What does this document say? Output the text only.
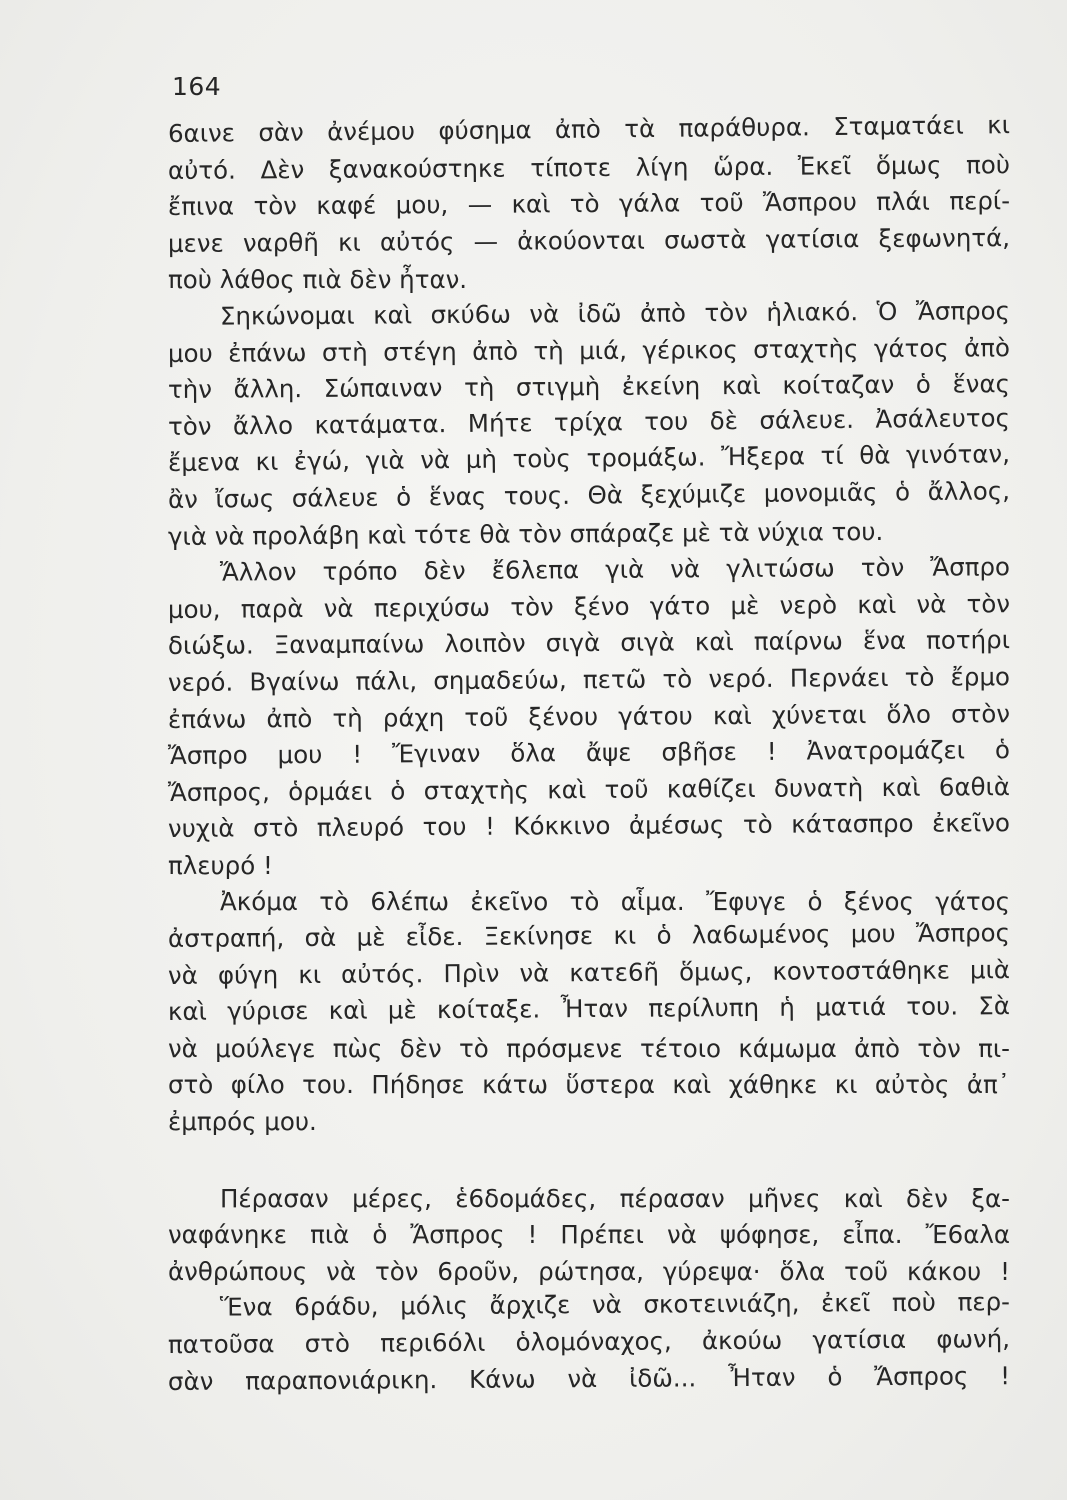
164
6αινε σὰν ἀνέμου φύσημα ἀπὸ τὰ παράθυρα. Σταματάει κι
αὐτό. Δὲν ξανακούστηκε τίποτε λίγη ὥρα. Ἐκεῖ ὅμως ποὺ
ἔπινα τὸν καφέ μου, — καὶ τὸ γάλα τοῦ Ἄσπρου πλάι περί-
μενε ναρθῆ κι αὐτός — ἀκούονται σωστὰ γατίσια ξεφωνητά,
ποὺ λάθος πιὰ δὲν ἦταν.
Σηκώνομαι καὶ σκύ6ω νὰ ἰδῶ ἀπὸ τὸν ἡλιακό. Ὁ Ἄσπρος
μου ἐπάνω στὴ στέγη ἀπὸ τὴ μιά, γέρικος σταχτὴς γάτος ἀπὸ
τὴν ἄλλη. Σώπαιναν τὴ στιγμὴ ἐκείνη καὶ κοίταζαν ὁ ἕνας
τὸν ἄλλο κατάματα. Μήτε τρίχα του δὲ σάλευε. Ἀσάλευτος
ἔμενα κι ἐγώ, γιὰ νὰ μὴ τοὺς τρομάξω. Ἤξερα τί θὰ γινόταν,
ἂν ἴσως σάλευε ὁ ἕνας τους. Θὰ ξεχύμιζε μονομιᾶς ὁ ἄλλος,
γιὰ νὰ προλάβη καὶ τότε θὰ τὸν σπάραζε μὲ τὰ νύχια του.
Ἄλλον τρόπο δὲν ἔ6λεπα γιὰ νὰ γλιτώσω τὸν Ἄσπρο
μου, παρὰ νὰ περιχύσω τὸν ξένο γάτο μὲ νερὸ καὶ νὰ τὸν
διώξω. Ξαναμπαίνω λοιπὸν σιγὰ σιγὰ καὶ παίρνω ἕνα ποτήρι
νερό. Βγαίνω πάλι, σημαδεύω, πετῶ τὸ νερό. Περνάει τὸ ἔρμο
ἐπάνω ἀπὸ τὴ ράχη τοῦ ξένου γάτου καὶ χύνεται ὅλο στὸν
Ἄσπρο μου ! Ἔγιναν ὅλα ἄψε σβῆσε ! Ἀνατρομάζει ὁ
Ἄσπρος, ὁρμάει ὁ σταχτὴς καὶ τοῦ καθίζει δυνατὴ καὶ 6αθιὰ
νυχιὰ στὸ πλευρό του ! Κόκκινο ἀμέσως τὸ κάτασπρο ἐκεῖνο
πλευρό !
Ἀκόμα τὸ 6λέπω ἐκεῖνο τὸ αἷμα. Ἔφυγε ὁ ξένος γάτος
ἀστραπή, σὰ μὲ εἶδε. Ξεκίνησε κι ὁ λα6ωμένος μου Ἄσπρος
νὰ φύγη κι αὐτός. Πρὶν νὰ κατε6ῆ ὅμως, κοντοστάθηκε μιὰ
καὶ γύρισε καὶ μὲ κοίταξε. Ἦταν περίλυπη ἡ ματιά του. Σὰ
νὰ μούλεγε πὼς δὲν τὸ πρόσμενε τέτοιο κάμωμα ἀπὸ τὸν πι-
στὸ φίλο του. Πήδησε κάτω ὕστερα καὶ χάθηκε κι αὐτὸς ἀπ᾿
ἐμπρός μου.
Πέρασαν μέρες, ἑ6δομάδες, πέρασαν μῆνες καὶ δὲν ξα-
ναφάνηκε πιὰ ὁ Ἄσπρος ! Πρέπει νὰ ψόφησε, εἶπα. Ἔ6αλα
ἀνθρώπους νὰ τὸν 6ροῦν, ρώτησα, γύρεψα· ὅλα τοῦ κάκου !
Ἕνα 6ράδυ, μόλις ἄρχιζε νὰ σκοτεινιάζη, ἐκεῖ ποὺ περ-
πατοῦσα στὸ περι6όλι ὁλομόναχος, ἀκούω γατίσια φωνή,
σὰν παραπονιάρικη. Κάνω νὰ ἰδῶ... Ἦταν ὁ Ἄσπρος !
